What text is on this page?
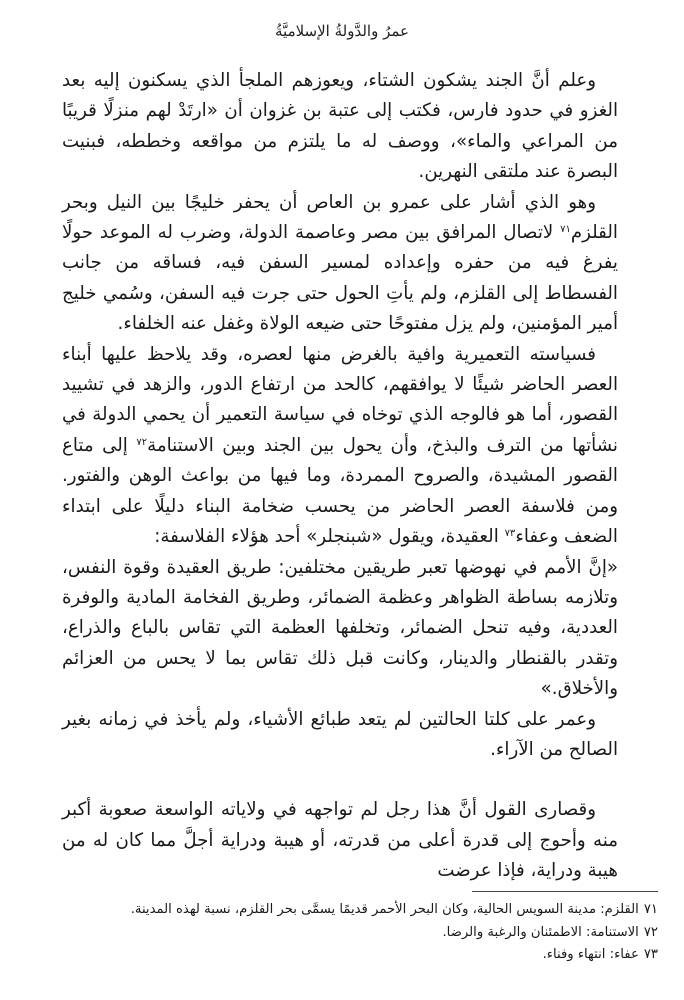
عمرُ والدَّولةُ الإسلاميَّةُ

وعلم أنَّ الجند يشكون الشتاء، ويعوزهم الملجأ الذي يسكنون إليه بعد الغزو في حدود فارس، فكتب إلى عتبة بن غزوان أن «ارتَدْ لهم منزلًا قريبًا من المراعي والماء»، ووصف له ما يلتزم من مواقعه وخططه، فبنيت البصرة عند ملتقى النهرين.

وهو الذي أشار على عمرو بن العاص أن يحفر خليجًا بين النيل وبحر القلزم$^{٧١}$ لاتصال المرافق بين مصر وعاصمة الدولة، وضرب له الموعد حولًا يفرغ فيه من حفره وإعداده لمسير السفن فيه، فساقه من جانب الفسطاط إلى القلزم، ولم يأتِ الحول حتى جرت فيه السفن، وسُمي خليج أمير المؤمنين، ولم يزل مفتوحًا حتى ضيعه الولاة وغفل عنه الخلفاء.

فسياسته التعميرية وافية بالغرض منها لعصره، وقد يلاحظ عليها أبناء العصر الحاضر شيئًا لا يوافقهم، كالحد من ارتفاع الدور، والزهد في تشييد القصور، أما هو فالوجه الذي توخاه في سياسة التعمير أن يحمي الدولة في نشأتها من الترف والبذخ، وأن يحول بين الجند وبين الاستنامة$^{٧٢}$ إلى متاع القصور المشيدة، والصروح الممردة، وما فيها من بواعث الوهن والفتور. ومن فلاسفة العصر الحاضر من يحسب ضخامة البناء دليلًا على ابتداء الضعف وعفاء$^{٧٣}$ العقيدة، ويقول «شبنجلر» أحد هؤلاء الفلاسفة:

«إنَّ الأمم في نهوضها تعبر طريقين مختلفين: طريق العقيدة وقوة النفس، وتلازمه بساطة الظواهر وعظمة الضمائر، وطريق الفخامة المادية والوفرة العددية، وفيه تنحل الضمائر، وتخلفها العظمة التي تقاس بالباع والذراع، وتقدر بالقنطار والدينار، وكانت قبل ذلك تقاس بما لا يحس من العزائم والأخلاق.»

وعمر على كلتا الحالتين لم يتعد طبائع الأشياء، ولم يأخذ في زمانه بغير الصالح من الآراء.

وقصارى القول أنَّ هذا رجل لم تواجهه في ولاياته الواسعة صعوبة أكبر منه وأحوج إلى قدرة أعلى من قدرته، أو هيبة ودراية أجلَّ مما كان له من هيبة ودراية، فإذا عرضت

٧١القلزم: مدينة السويس الحالية، وكان البحر الأحمر قديمًا يسمَّى بحر القلزم، نسبة لهذه المدينة.
٧٢الاستنامة: الاطمئنان والرغبة والرضا.
٧٣عفاء: انتهاء وفناء.
